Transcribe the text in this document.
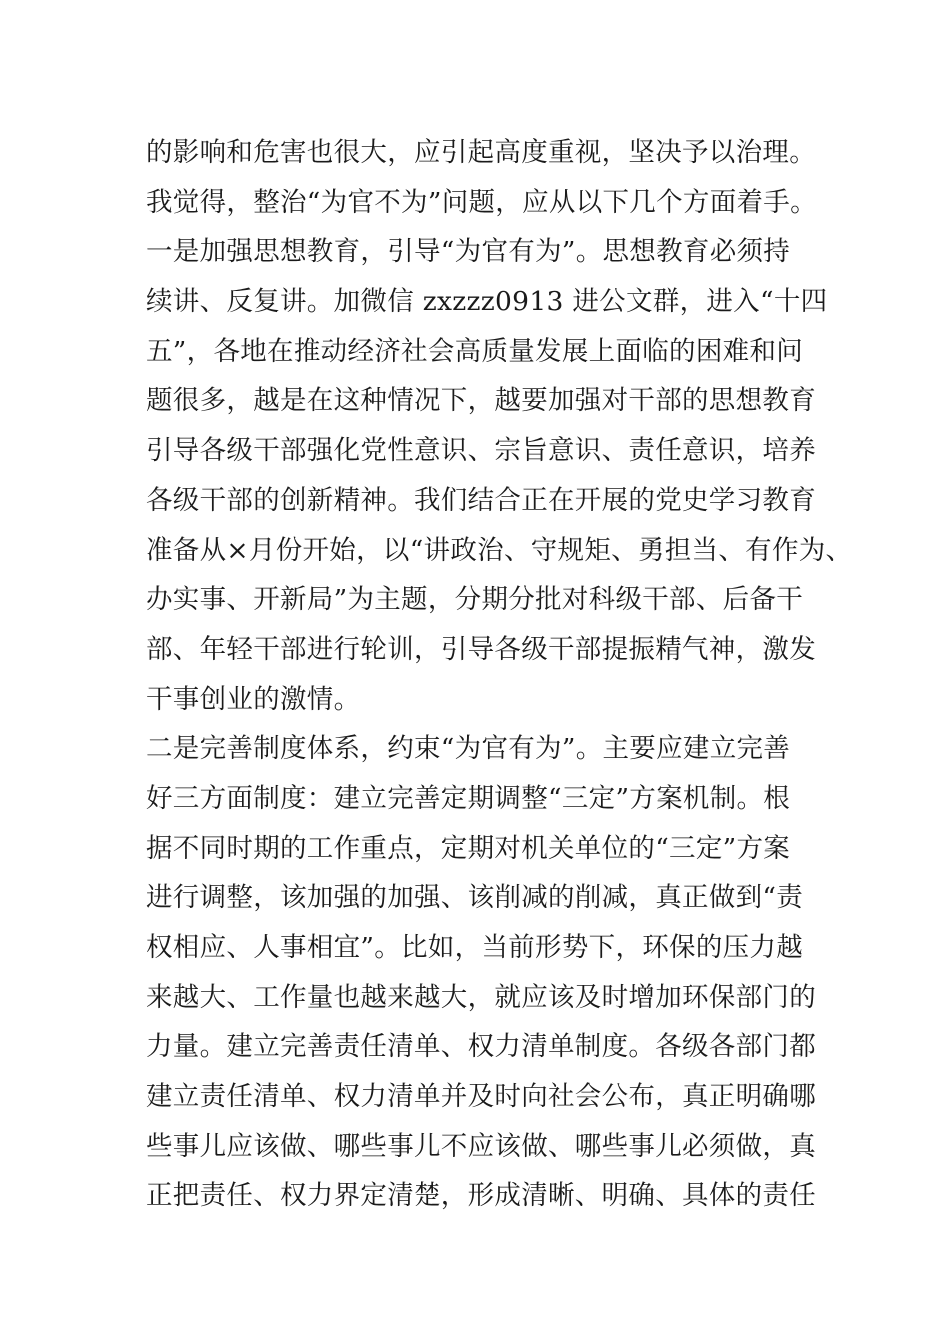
的影响和危害也很大，应引起高度重视，坚决予以治理。
我觉得，整治“为官不为”问题，应从以下几个方面着手。
一是加强思想教育，引导“为官有为”。思想教育必须持
续讲、反复讲。加微信 zxzzz0913 进公文群，进入“十四
五”，各地在推动经济社会高质量发展上面临的困难和问
题很多，越是在这种情况下，越要加强对干部的思想教育
引导各级干部强化党性意识、宗旨意识、责任意识，培养
各级干部的创新精神。我们结合正在开展的党史学习教育
准备从×月份开始，以“讲政治、守规矩、勇担当、有作为、
办实事、开新局”为主题，分期分批对科级干部、后备干
部、年轻干部进行轮训，引导各级干部提振精气神，激发
干事创业的激情。
二是完善制度体系，约束“为官有为”。主要应建立完善
好三方面制度：建立完善定期调整“三定”方案机制。根
据不同时期的工作重点，定期对机关单位的“三定”方案
进行调整，该加强的加强、该削减的削减，真正做到“责
权相应、人事相宜”。比如，当前形势下，环保的压力越
来越大、工作量也越来越大，就应该及时增加环保部门的
力量。建立完善责任清单、权力清单制度。各级各部门都
建立责任清单、权力清单并及时向社会公布，真正明确哪
些事儿应该做、哪些事儿不应该做、哪些事儿必须做，真
正把责任、权力界定清楚，形成清晰、明确、具体的责任
